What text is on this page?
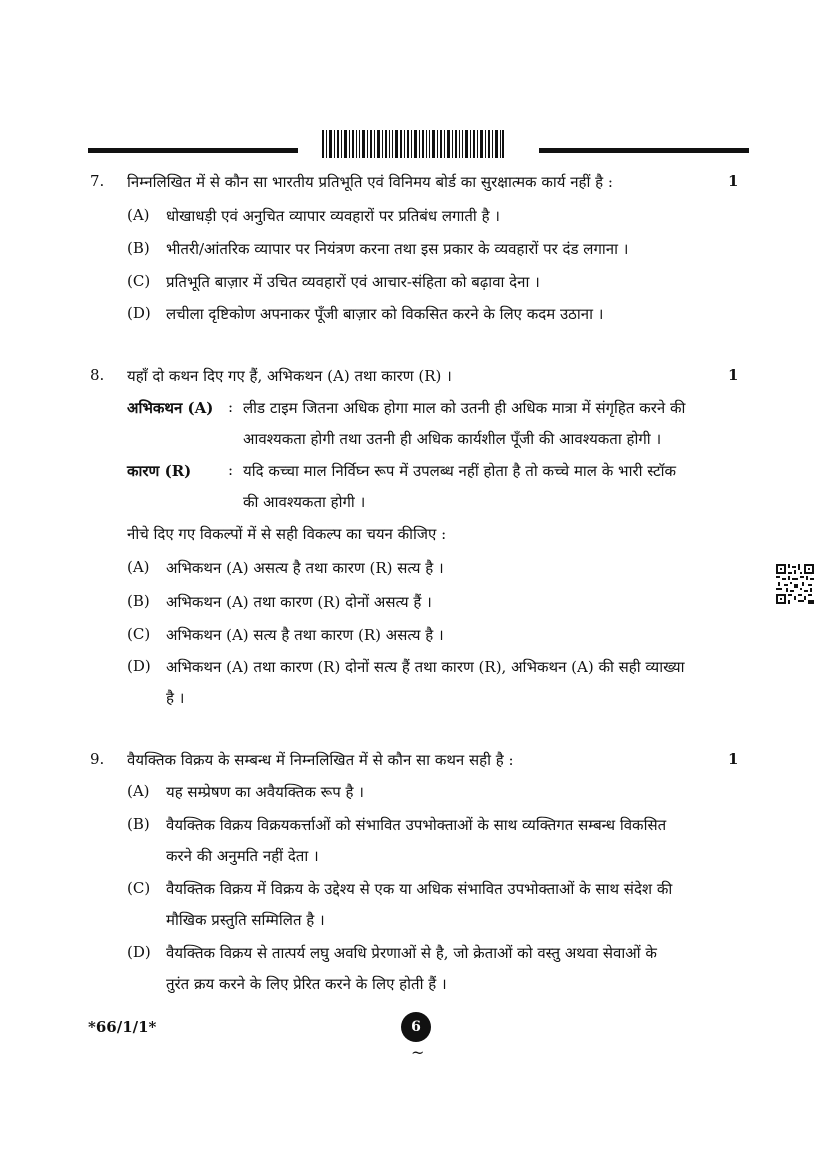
7.	निम्नलिखित में से कौन सा भारतीय प्रतिभूति एवं विनिमय बोर्ड का सुरक्षात्मक कार्य नहीं है :	1
(A) धोखाधड़ी एवं अनुचित व्यापार व्यवहारों पर प्रतिबंध लगाती है ।
(B) भीतरी/आंतरिक व्यापार पर नियंत्रण करना तथा इस प्रकार के व्यवहारों पर दंड लगाना ।
(C) प्रतिभूति बाज़ार में उचित व्यवहारों एवं आचार-संहिता को बढ़ावा देना ।
(D) लचीला दृष्टिकोण अपनाकर पूँजी बाज़ार को विकसित करने के लिए कदम उठाना ।
8.	यहाँ दो कथन दिए गए हैं, अभिकथन (A) तथा कारण (R) ।	1
अभिकथन (A) : लीड टाइम जितना अधिक होगा माल को उतनी ही अधिक मात्रा में संगृहित करने की
आवश्यकता होगी तथा उतनी ही अधिक कार्यशील पूँजी की आवश्यकता होगी ।
कारण (R) : यदि कच्चा माल निर्विघ्न रूप में उपलब्ध नहीं होता है तो कच्चे माल के भारी स्टॉक
की आवश्यकता होगी ।
नीचे दिए गए विकल्पों में से सही विकल्प का चयन कीजिए :
(A) अभिकथन (A) असत्य है तथा कारण (R) सत्य है ।
(B) अभिकथन (A) तथा कारण (R) दोनों असत्य हैं ।
(C) अभिकथन (A) सत्य है तथा कारण (R) असत्य है ।
(D) अभिकथन (A) तथा कारण (R) दोनों सत्य हैं तथा कारण (R), अभिकथन (A) की सही व्याख्या
है ।
9.	वैयक्तिक विक्रय के सम्बन्ध में निम्नलिखित में से कौन सा कथन सही है :	1
(A) यह सम्प्रेषण का अवैयक्तिक रूप है ।
(B) वैयक्तिक विक्रय विक्रयकर्त्ताओं को संभावित उपभोक्ताओं के साथ व्यक्तिगत सम्बन्ध विकसित
करने की अनुमति नहीं देता ।
(C) वैयक्तिक विक्रय में विक्रय के उद्देश्य से एक या अधिक संभावित उपभोक्ताओं के साथ संदेश की
मौखिक प्रस्तुति सम्मिलित है ।
(D) वैयक्तिक विक्रय से तात्पर्य लघु अवधि प्रेरणाओं से है, जो क्रेताओं को वस्तु अथवा सेवाओं के
तुरंत क्रय करने के लिए प्रेरित करने के लिए होती हैं ।
*66/1/1*	6
~
